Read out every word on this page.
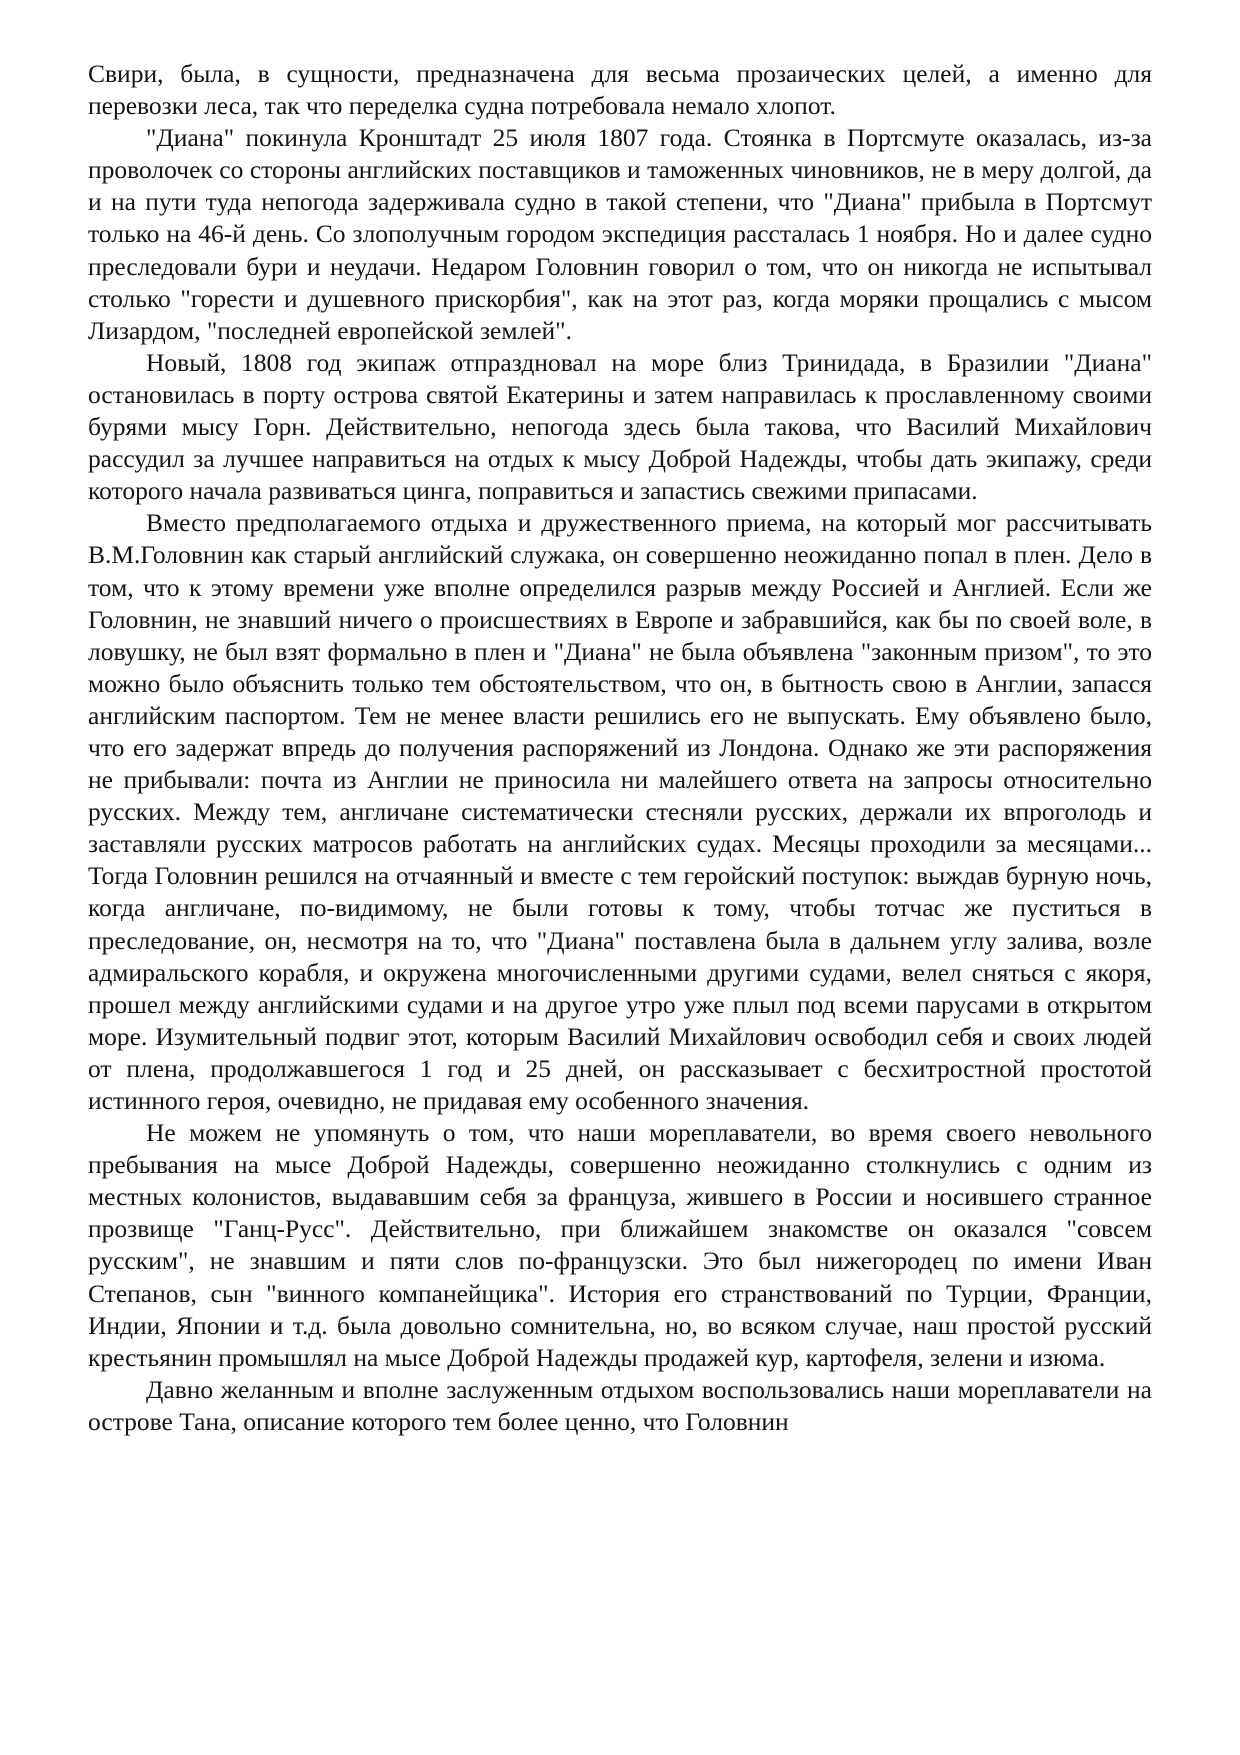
Свири, была, в сущности, предназначена для весьма прозаических целей, а именно для перевозки леса, так что переделка судна потребовала немало хлопот.

"Диана" покинула Кронштадт 25 июля 1807 года. Стоянка в Портсмуте оказалась, из-за проволочек со стороны английских поставщиков и таможенных чиновников, не в меру долгой, да и на пути туда непогода задерживала судно в такой степени, что "Диана" прибыла в Портсмут только на 46-й день. Со злополучным городом экспедиция рассталась 1 ноября. Но и далее судно преследовали бури и неудачи. Недаром Головнин говорил о том, что он никогда не испытывал столько "горести и душевного прискорбия", как на этот раз, когда моряки прощались с мысом Лизардом, "последней европейской землей".

Новый, 1808 год экипаж отпраздновал на море близ Тринидада, в Бразилии "Диана" остановилась в порту острова святой Екатерины и затем направилась к прославленному своими бурями мысу Горн. Действительно, непогода здесь была такова, что Василий Михайлович рассудил за лучшее направиться на отдых к мысу Доброй Надежды, чтобы дать экипажу, среди которого начала развиваться цинга, поправиться и запастись свежими припасами.

Вместо предполагаемого отдыха и дружественного приема, на который мог рассчитывать В.М.Головнин как старый английский служака, он совершенно неожиданно попал в плен. Дело в том, что к этому времени уже вполне определился разрыв между Россией и Англией. Если же Головнин, не знавший ничего о происшествиях в Европе и забравшийся, как бы по своей воле, в ловушку, не был взят формально в плен и "Диана" не была объявлена "законным призом", то это можно было объяснить только тем обстоятельством, что он, в бытность свою в Англии, запасся английским паспортом. Тем не менее власти решились его не выпускать. Ему объявлено было, что его задержат впредь до получения распоряжений из Лондона. Однако же эти распоряжения не прибывали: почта из Англии не приносила ни малейшего ответа на запросы относительно русских. Между тем, англичане систематически стесняли русских, держали их впроголодь и заставляли русских матросов работать на английских судах. Месяцы проходили за месяцами... Тогда Головнин решился на отчаянный и вместе с тем геройский поступок: выждав бурную ночь, когда англичане, по-видимому, не были готовы к тому, чтобы тотчас же пуститься в преследование, он, несмотря на то, что "Диана" поставлена была в дальнем углу залива, возле адмиральского корабля, и окружена многочисленными другими судами, велел сняться с якоря, прошел между английскими судами и на другое утро уже плыл под всеми парусами в открытом море. Изумительный подвиг этот, которым Василий Михайлович освободил себя и своих людей от плена, продолжавшегося 1 год и 25 дней, он рассказывает с бесхитростной простотой истинного героя, очевидно, не придавая ему особенного значения.

Не можем не упомянуть о том, что наши мореплаватели, во время своего невольного пребывания на мысе Доброй Надежды, совершенно неожиданно столкнулись с одним из местных колонистов, выдававшим себя за француза, жившего в России и носившего странное прозвище "Ганц-Русс". Действительно, при ближайшем знакомстве он оказался "совсем русским", не знавшим и пяти слов по-французски. Это был нижегородец по имени Иван Степанов, сын "винного компанейщика". История его странствований по Турции, Франции, Индии, Японии и т.д. была довольно сомнительна, но, во всяком случае, наш простой русский крестьянин промышлял на мысе Доброй Надежды продажей кур, картофеля, зелени и изюма.

Давно желанным и вполне заслуженным отдыхом воспользовались наши мореплаватели на острове Тана, описание которого тем более ценно, что Головнин
